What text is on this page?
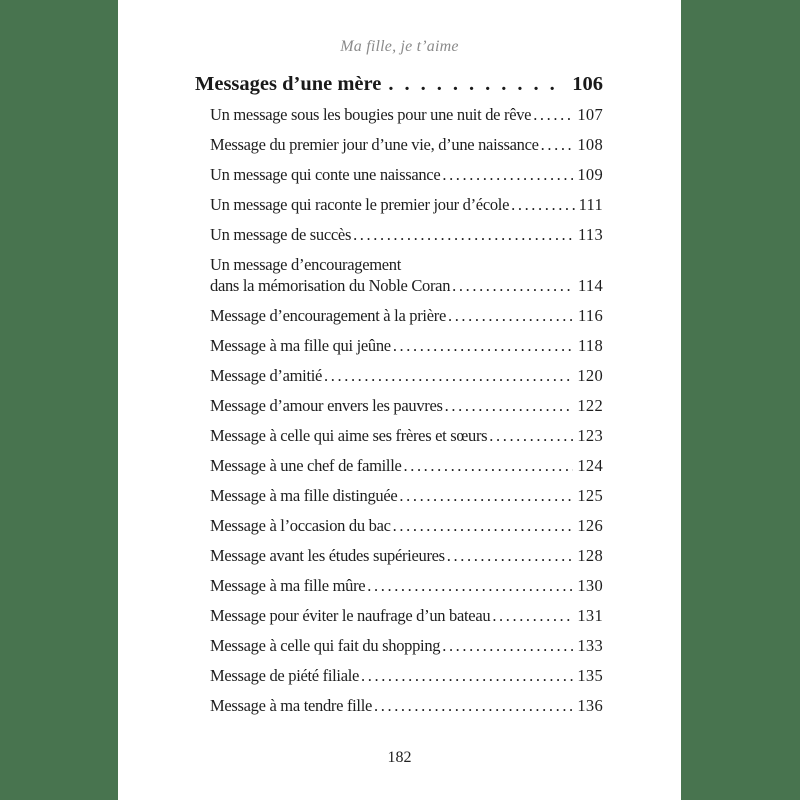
Ma fille, je t’aime
Messages d’une mère .....	106
Un message sous les bougies pour une nuit de rêve .....	107
Message du premier jour d’une vie, d’une naissance ..... 108
Un message qui conte une naissance .....	109
Un message qui raconte le premier jour d’école .....	111
Un message de succès .....	113
Un message d’encouragement
dans la mémorisation du Noble Coran .....	114
Message d’encouragement à la prière .....	116
Message à ma fille qui jeûne .....	118
Message d’amitié .....	120
Message d’amour envers les pauvres .....	122
Message à celle qui aime ses frères et sœurs .....	123
Message à une chef de famille .....	124
Message à ma fille distinguée .....	125
Message à l’occasion du bac .....	126
Message avant les études supérieures .....	128
Message à ma fille mûre .....	130
Message pour éviter le naufrage d’un bateau .....	131
Message à celle qui fait du shopping .....	133
Message de piété filiale .....	135
Message à ma tendre fille .....	136
182
